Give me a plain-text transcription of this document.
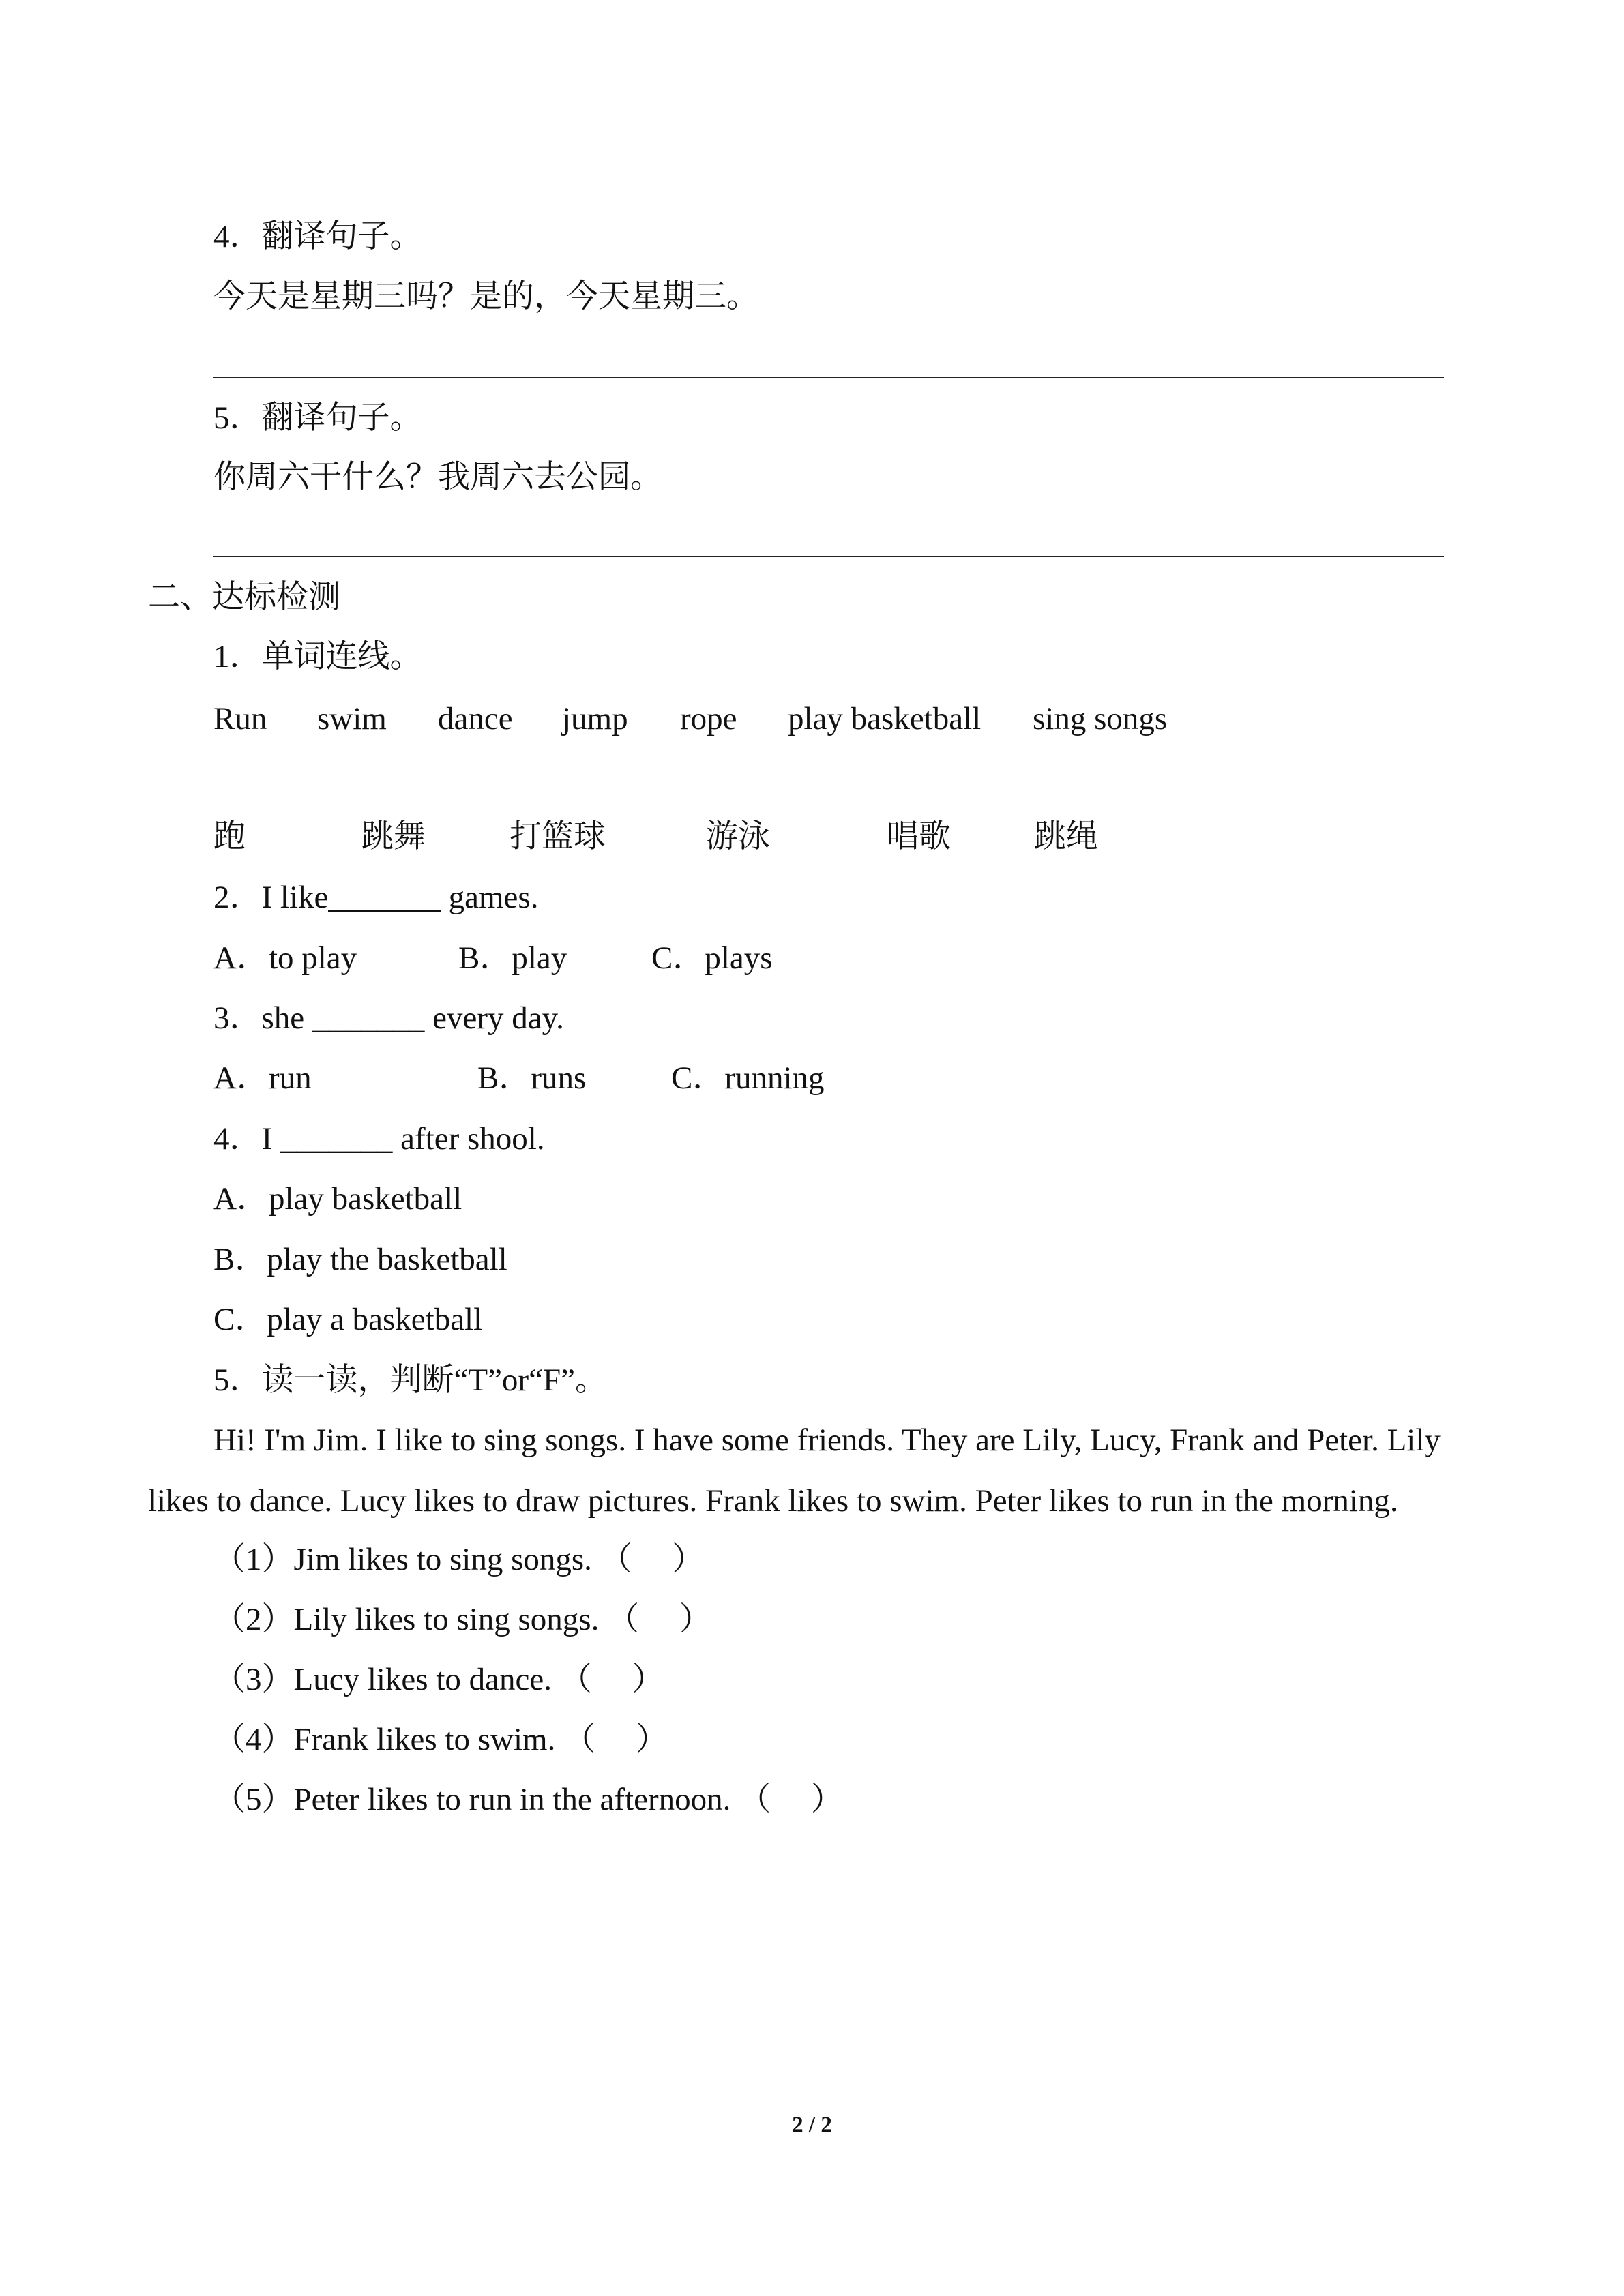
4．翻译句子。
今天是星期三吗？是的，今天星期三。
5．翻译句子。
你周六干什么？我周六去公园。
二、达标检测
1．单词连线。
Run swim dance jump rope play basketball sing songs
跑	跳舞	打篮球	游泳	唱歌	跳绳
2．I like_______ games.
A．to play	B．play	C．plays
3．she _______ every day.
A．run	B．runs	C．running
4．I _______ after shool.
A．play basketball
B．play the basketball
C．play a basketball
5．读一读，判断“T”or“F”。
Hi! I'm Jim. I like to sing songs. I have some friends. They are Lily, Lucy, Frank and Peter. Lily
likes to dance. Lucy likes to draw pictures. Frank likes to swim. Peter likes to run in the morning.
（1）Jim likes to sing songs. （     ）
（2）Lily likes to sing songs. （     ）
（3）Lucy likes to dance. （     ）
（4）Frank likes to swim. （     ）
（5）Peter likes to run in the afternoon. （     ）
2 / 2
